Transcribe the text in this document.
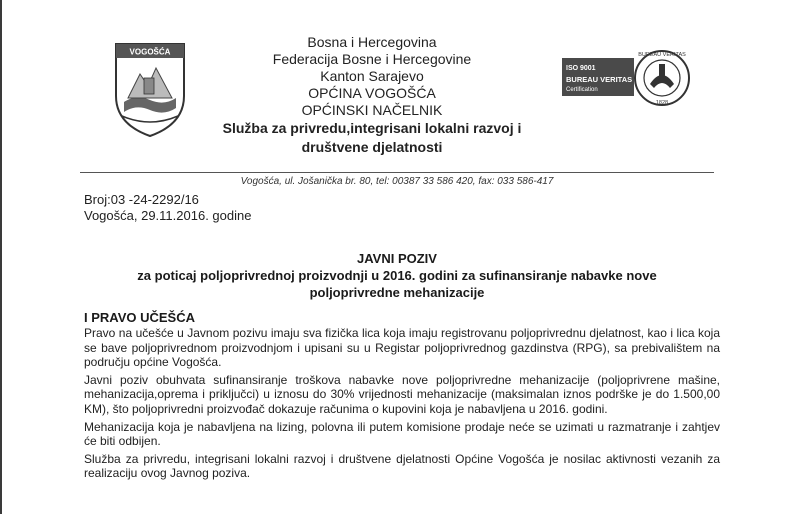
VOGOŠĆA
Bosna i Hercegovina
Federacija Bosne i Hercegovine
Kanton Sarajevo
OPĆINA VOGOŠĆA
OPĆINSKI NAČELNIK
Služba za privredu,integrisani lokalni razvoj i
društvene djelatnosti
ISO 9001
BUREAU VERITAS
Certification
BUREAU VERITAS
1828
Vogošća, ul. Jošanička br. 80, tel: 00387 33 586 420, fax: 033 586-417
Broj:03 -24-2292/16
Vogošća, 29.11.2016. godine
JAVNI POZIV
za poticaj poljoprivrednoj proizvodnji u 2016. godini za sufinansiranje nabavke nove
poljoprivredne mehanizacije
I PRAVO UČEŠĆA

Pravo na učešće u Javnom pozivu imaju sva fizička lica koja imaju registrovanu poljoprivrednu djelatnost, kao i lica koja se bave poljoprivrednom proizvodnjom i upisani su u Registar poljoprivrednog gazdinstva (RPG), sa prebivalištem na području općine Vogošća.

Javni poziv obuhvata sufinansiranje troškova nabavke nove poljoprivredne mehanizacije (poljoprivrene mašine, mehanizacija,oprema i priključci) u iznosu do 30% vrijednosti mehanizacije (maksimalan iznos podrške je do 1.500,00 KM), što poljoprivredni proizvođač dokazuje računima o kupovini koja je nabavljena u 2016. godini.

Mehanizacija koja je nabavljena na lizing, polovna ili putem komisione prodaje neće se uzimati u razmatranje i zahtjev će biti odbijen.

Služba za privredu, integrisani lokalni razvoj i društvene djelatnosti Općine Vogošća je nosilac aktivnosti vezanih za realizaciju ovog Javnog poziva.
